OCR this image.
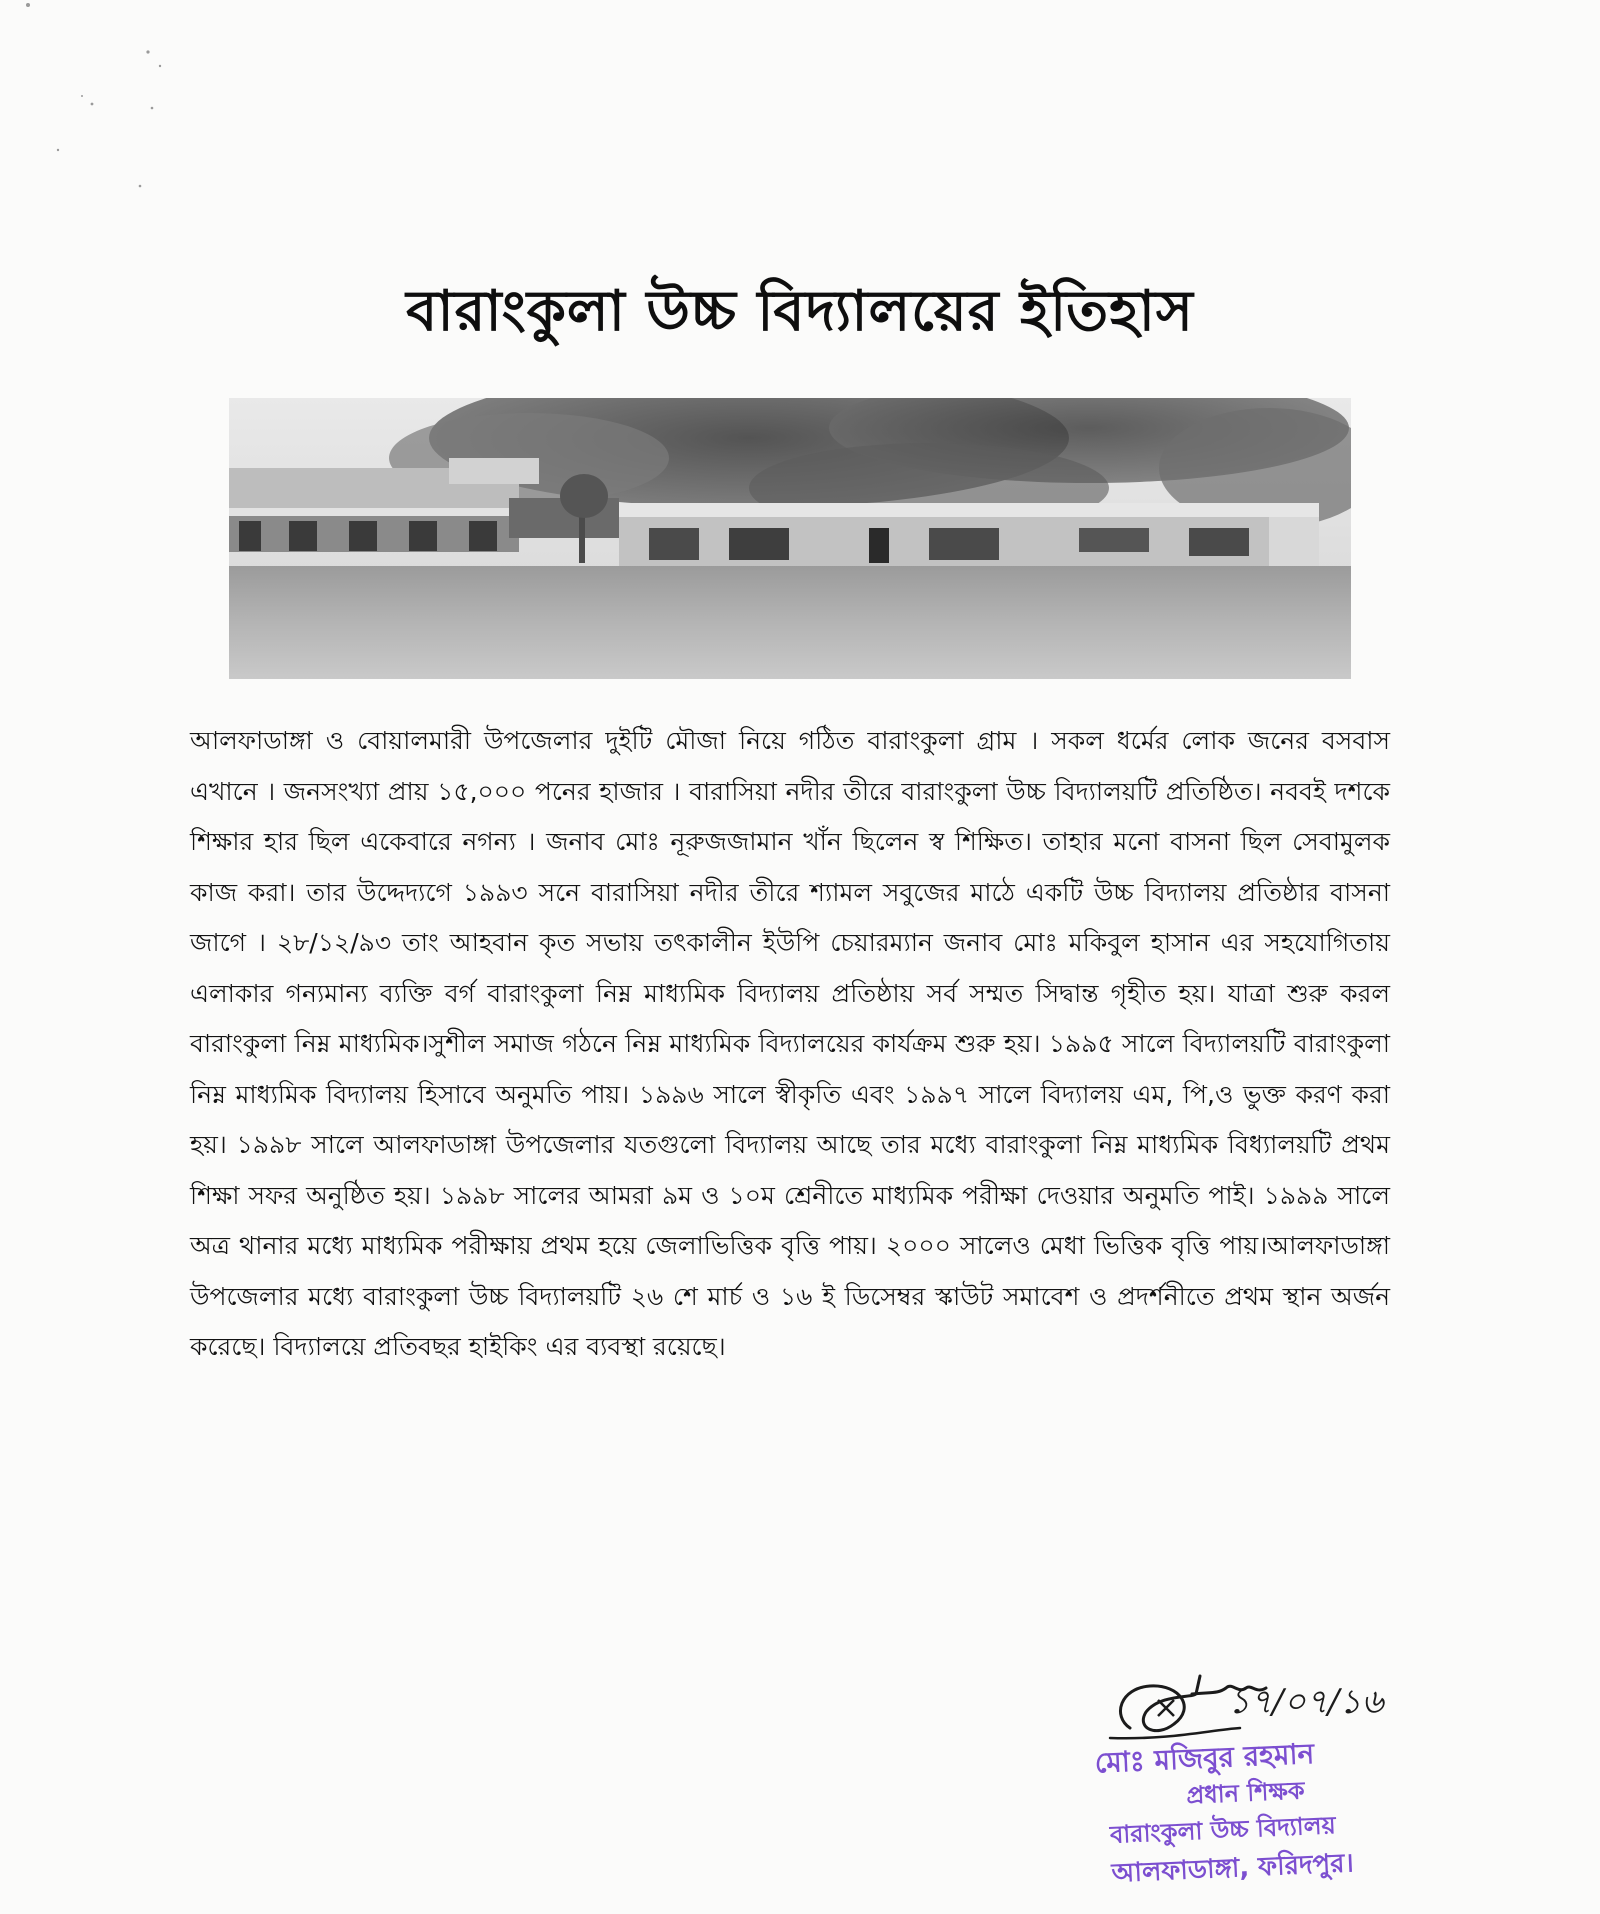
বারাংকুলা উচ্চ বিদ্যালয়ের ইতিহাস

আলফাডাঙ্গা ও বোয়ালমারী উপজেলার দুইটি মৌজা নিয়ে গঠিত বারাংকুলা গ্রাম । সকল ধর্মের লোক জনের বসবাস এখানে । জনসংখ্যা প্রায় ১৫,০০০ পনের হাজার । বারাসিয়া নদীর তীরে বারাংকুলা উচ্চ বিদ্যালয়টি প্রতিষ্ঠিত। নববই দশকে শিক্ষার হার ছিল একেবারে নগন্য । জনাব মোঃ নূরুজজামান খাঁন ছিলেন স্ব শিক্ষিত। তাহার মনো বাসনা ছিল সেবামুলক কাজ করা। তার উদ্দেদ্যগে ১৯৯৩ সনে বারাসিয়া নদীর তীরে শ্যামল সবুজের মাঠে একটি উচ্চ বিদ্যালয় প্রতিষ্ঠার বাসনা জাগে । ২৮/১২/৯৩ তাং আহবান কৃত সভায় তৎকালীন ইউপি চেয়ারম্যান জনাব মোঃ মকিবুল হাসান এর সহযোগিতায় এলাকার গন্যমান্য ব্যক্তি বর্গ বারাংকুলা নিম্ন মাধ্যমিক বিদ্যালয় প্রতিষ্ঠায় সর্ব সম্মত সিদ্বান্ত গৃহীত হয়। যাত্রা শুরু করল বারাংকুলা নিম্ন মাধ্যমিক।সুশীল সমাজ গঠনে নিম্ন মাধ্যমিক বিদ্যালয়ের কার্যক্রম শুরু হয়। ১৯৯৫ সালে বিদ্যালয়টি বারাংকুলা নিম্ন মাধ্যমিক বিদ্যালয় হিসাবে অনুমতি পায়। ১৯৯৬ সালে স্বীকৃতি এবং ১৯৯৭ সালে বিদ্যালয় এম, পি,ও ভুক্ত করণ করা হয়। ১৯৯৮ সালে আলফাডাঙ্গা উপজেলার যতগুলো বিদ্যালয় আছে তার মধ্যে বারাংকুলা নিম্ন মাধ্যমিক বিধ্যালয়টি প্রথম শিক্ষা সফর অনুষ্ঠিত হয়। ১৯৯৮ সালের আমরা ৯ম ও ১০ম শ্রেনীতে মাধ্যমিক পরীক্ষা দেওয়ার অনুমতি পাই। ১৯৯৯ সালে অত্র থানার মধ্যে মাধ্যমিক পরীক্ষায় প্রথম হয়ে জেলাভিত্তিক বৃত্তি পায়। ২০০০ সালেও মেধা ভিত্তিক বৃত্তি পায়।আলফাডাঙ্গা উপজেলার মধ্যে বারাংকুলা উচ্চ বিদ্যালয়টি ২৬ শে মার্চ ও ১৬ ই ডিসেম্বর স্কাউট সমাবেশ ও প্রদর্শনীতে প্রথম স্থান অর্জন করেছে। বিদ্যালয়ে প্রতিবছর হাইকিং এর ব্যবস্থা রয়েছে।

১৭/০৭/১৬
মোঃ মজিবুর রহমান
প্রধান শিক্ষক
বারাংকুলা উচ্চ বিদ্যালয়
আলফাডাঙ্গা, ফরিদপুর।
